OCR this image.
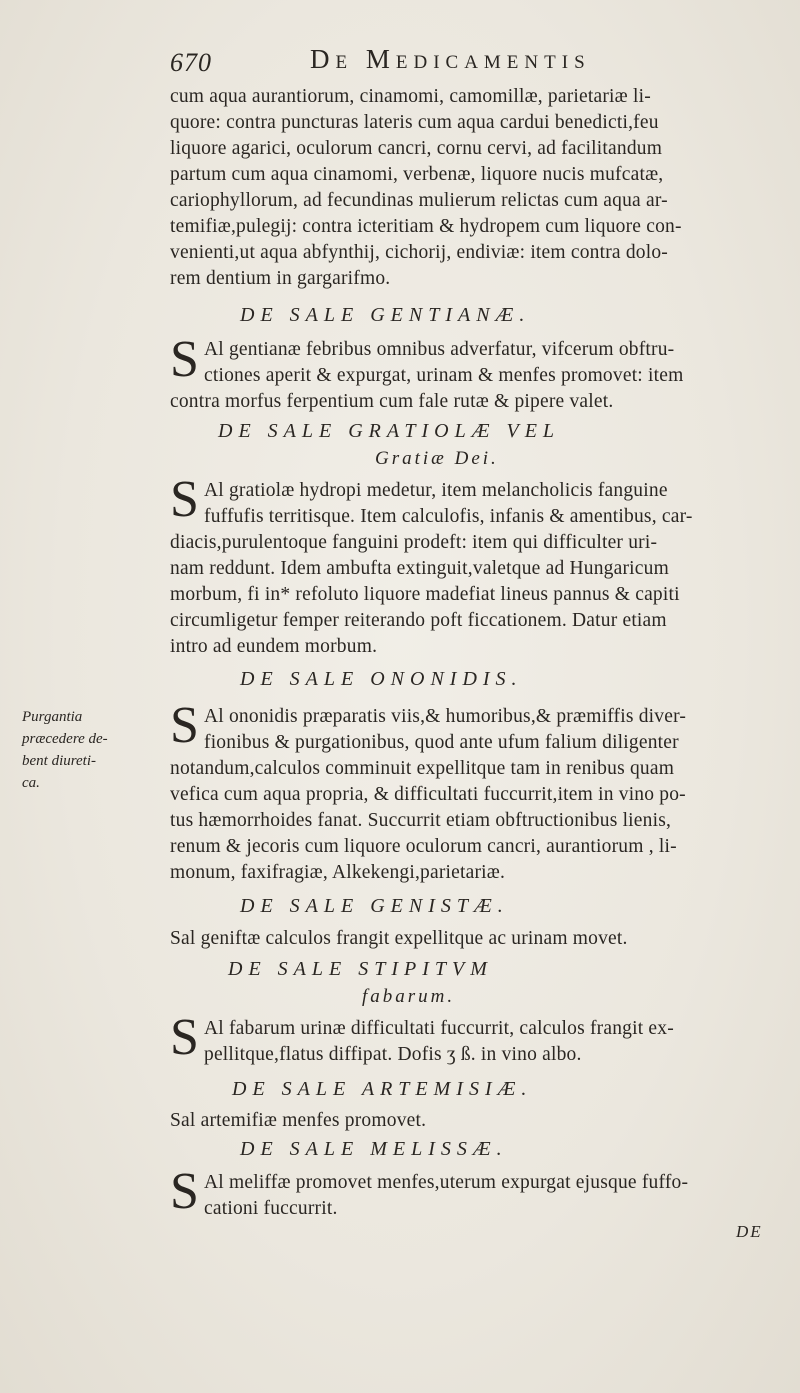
670	De Medicamentis
cum aqua aurantiorum, cinamomi, camomillæ, parietariæ li-
quore: contra puncturas lateris cum aqua cardui benedicti,feu
liquore agarici, oculorum cancri, cornu cervi, ad facilitandum
partum cum aqua cinamomi, verbenæ, liquore nucis mufcatæ,
cariophyllorum, ad fecundinas mulierum relictas cum aqua ar-
temifiæ,pulegij: contra icteritiam & hydropem cum liquore con-
venienti,ut aqua abfynthij, cichorij, endiviæ: item contra dolo-
rem dentium in gargarifmo.
DE SALE GENTIANÆ.
S Al gentianæ febribus omnibus adverfatur, vifcerum obftru-
ctiones aperit & expurgat, urinam & menfes promovet: item
contra morfus ferpentium cum fale rutæ & pipere valet.
DE SALE GRATIOLÆ VEL
Gratiæ Dei.
S Al gratiolæ hydropi medetur, item melancholicis fanguine
fuffufis territisque. Item calculofis, infanis & amentibus, car-
diacis,purulentoque fanguini prodeft: item qui difficulter uri-
nam reddunt. Idem ambufta extinguit,valetque ad Hungaricum
morbum, fi in* refoluto liquore madefiat lineus pannus & capiti
circumligetur femper reiterando poft ficcationem. Datur etiam
intro ad eundem morbum.
DE SALE ONONIDIS.
Purgantia
præcedere de-
bent diureti-
ca.
S Al ononidis præparatis viis,& humoribus,& præmiffis diver-
fionibus & purgationibus, quod ante ufum falium diligenter
notandum,calculos comminuit expellitque tam in renibus quam
vefica cum aqua propria, & difficultati fuccurrit,item in vino po-
tus hæmorrhoides fanat. Succurrit etiam obftructionibus lienis,
renum & jecoris cum liquore oculorum cancri, aurantiorum , li-
monum, faxifragiæ, Alkekengi,parietariæ.
DE SALE GENISTÆ.
Sal geniftæ calculos frangit expellitque ac urinam movet.
DE SALE STIPITVM
fabarum.
S Al fabarum urinæ difficultati fuccurrit, calculos frangit ex-
pellitque,flatus diffipat. Dofis ʒ ß. in vino albo.
DE SALE ARTEMISIÆ.
Sal artemifiæ menfes promovet.
DE SALE MELISSÆ.
S Al meliffæ promovet menfes,uterum expurgat ejusque fuffo-
cationi fuccurrit.
DE
